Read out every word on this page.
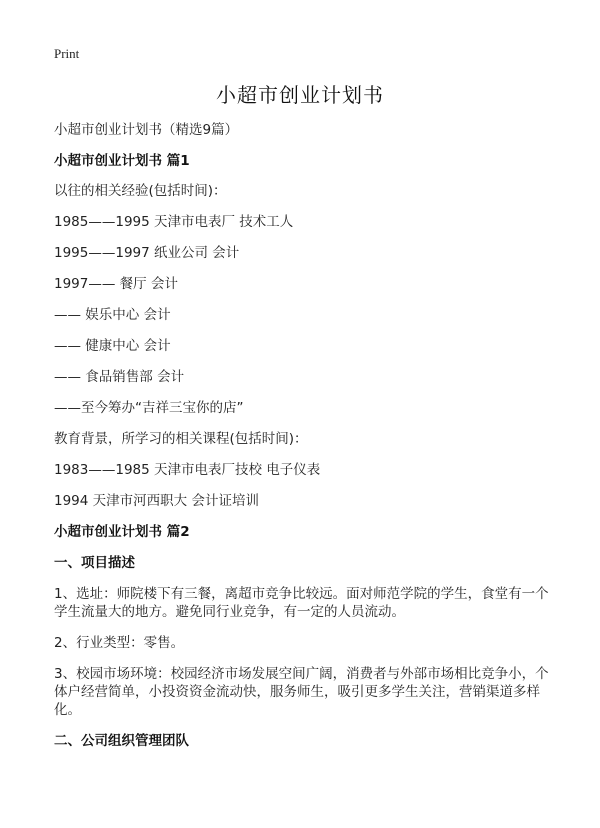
Print
小超市创业计划书

小超市创业计划书（精选9篇）

小超市创业计划书 篇1

以往的相关经验(包括时间)：

1985——1995 天津市电表厂 技术工人

1995——1997 纸业公司 会计

1997—— 餐厅 会计

—— 娱乐中心 会计

—— 健康中心 会计

—— 食品销售部 会计

——至今筹办“吉祥三宝你的店”

教育背景，所学习的相关课程(包括时间)：

1983——1985 天津市电表厂技校 电子仪表

1994 天津市河西职大 会计证培训

小超市创业计划书 篇2

一、项目描述

1、选址：师院楼下有三餐，离超市竞争比较远。面对师范学院的学生，食堂有一个学生流量大的地方。避免同行业竞争，有一定的人员流动。

2、行业类型：零售。

3、校园市场环境：校园经济市场发展空间广阔，消费者与外部市场相比竞争小，个体户经营简单，小投资资金流动快，服务师生，吸引更多学生关注，营销渠道多样化。

二、公司组织管理团队
